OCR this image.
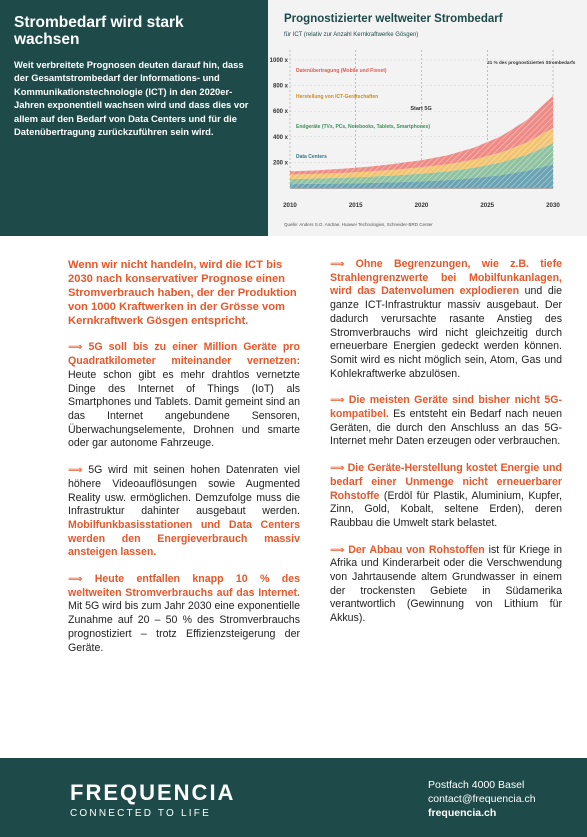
Strombedarf wird stark wachsen

Weit verbreitete Prognosen deuten darauf hin, dass der Gesamtstrombedarf der Informations- und Kommunikationstechnologie (ICT) in den 2020er-Jahren exponentiell wachsen wird und dass dies vor allem auf den Bedarf von Data Centers und für die Datenübertragung zurückzuführen sein wird.

Prognostizierter weltweiter Strombedarf
für ICT (relativ zur Anzahl Kernkraftwerke Gösgen)
200 x
400 x
600 x
800 x
1000 x
2010	2015	2020	2025	2030
Data Centers
Endgeräte (TVs, PCs, Notebooks, Tablets, Smartphones)
Herstellung von ICT-Gerätschaften
Datenübertragung (Mobile und Fixnet)
Start 5G
21 % des prognostizierten Strombedarfs
Quelle: Anders S.G. Andrae, Huawei Technologies, Schneider-BRD Center
Wenn wir nicht handeln, wird die ICT bis 2030 nach konservativer Prognose einen Stromverbrauch haben, der der Produktion von 1000 Kraftwerken in der Grösse vom Kernkraftwerk Gösgen entspricht.
⟹ 5G soll bis zu einer Million Geräte pro Quadratkilometer miteinander vernetzen: Heute schon gibt es mehr drahtlos vernetzte Dinge des Internet of Things (IoT) als Smartphones und Tablets. Damit gemeint sind an das Internet angebundene Sensoren, Überwachungselemente, Drohnen und smarte oder gar autonome Fahrzeuge.
⟹ 5G wird mit seinen hohen Datenraten viel höhere Videoauflösungen sowie Augmented Reality usw. ermöglichen. Demzufolge muss die Infrastruktur dahinter ausgebaut werden. Mobilfunkbasisstationen und Data Centers werden den Energieverbrauch massiv ansteigen lassen.
⟹ Heute entfallen knapp 10 % des weltweiten Stromverbrauchs auf das Internet. Mit 5G wird bis zum Jahr 2030 eine exponentielle Zunahme auf 20 – 50 % des Stromverbrauchs prognostiziert – trotz Effizienzsteigerung der Geräte.
⟹ Ohne Begrenzungen, wie z.B. tiefe Strahlengrenzwerte bei Mobilfunkanlagen, wird das Datenvolumen explodieren und die ganze ICT-Infrastruktur massiv ausgebaut. Der dadurch verursachte rasante Anstieg des Stromverbrauchs wird nicht gleichzeitig durch erneuerbare Energien gedeckt werden können. Somit wird es nicht möglich sein, Atom, Gas und Kohlekraftwerke abzulösen.
⟹ Die meisten Geräte sind bisher nicht 5G-kompatibel. Es entsteht ein Bedarf nach neuen Geräten, die durch den Anschluss an das 5G-Internet mehr Daten erzeugen oder verbrauchen.
⟹ Die Geräte-Herstellung kostet Energie und bedarf einer Unmenge nicht erneuerbarer Rohstoffe (Erdöl für Plastik, Aluminium, Kupfer, Zinn, Gold, Kobalt, seltene Erden), deren Raubbau die Umwelt stark belastet.
⟹ Der Abbau von Rohstoffen ist für Kriege in Afrika und Kinderarbeit oder die Verschwendung von Jahrtausende altem Grundwasser in einem der trockensten Gebiete in Südamerika verantwortlich (Gewinnung von Lithium für Akkus).
FREQUENCIA
CONNECTED TO LIFE
Postfach 4000 Basel
contact@frequencia.ch
frequencia.ch
